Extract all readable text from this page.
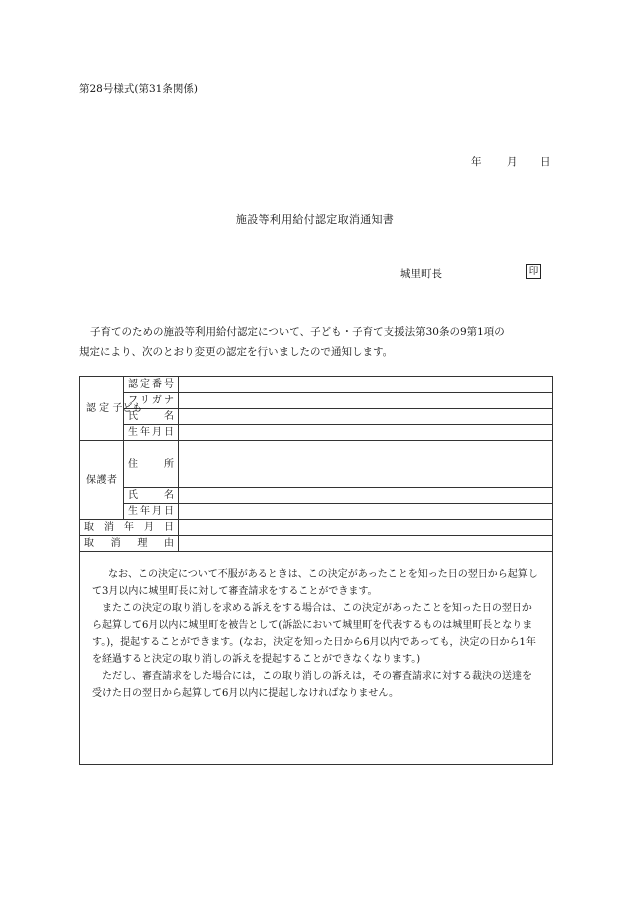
第28号様式(第31条関係)
年 月 日
施設等利用給付認定取消通知書
城里町長	印

子育てのための施設等利用給付認定について、子ども・子育て支援法第30条の9第1項の

規定により、次のとおり変更の認定を行いましたので通知します。

認 定 子ども	認定番号	
	フリガナ	
	氏名	
	生年月日	
保護者	住所	
	氏名	
	生年月日	
取消年月日		
取消理由		

なお、この決定について不服があるときは、この決定があったことを知った日の翌日から起算して3月以内に城里町長に対して審査請求をすることができます。

またこの決定の取り消しを求める訴えをする場合は、この決定があったことを知った日の翌日から起算して6月以内に城里町を被告として(訴訟において城里町を代表するものは城里町長となります。)，提起することができます。(なお，決定を知った日から6月以内であっても，決定の日から1年を経過すると決定の取り消しの訴えを提起することができなくなります。)

ただし、審査請求をした場合には，この取り消しの訴えは，その審査請求に対する裁決の送達を受けた日の翌日から起算して6月以内に提起しなければなりません。		
